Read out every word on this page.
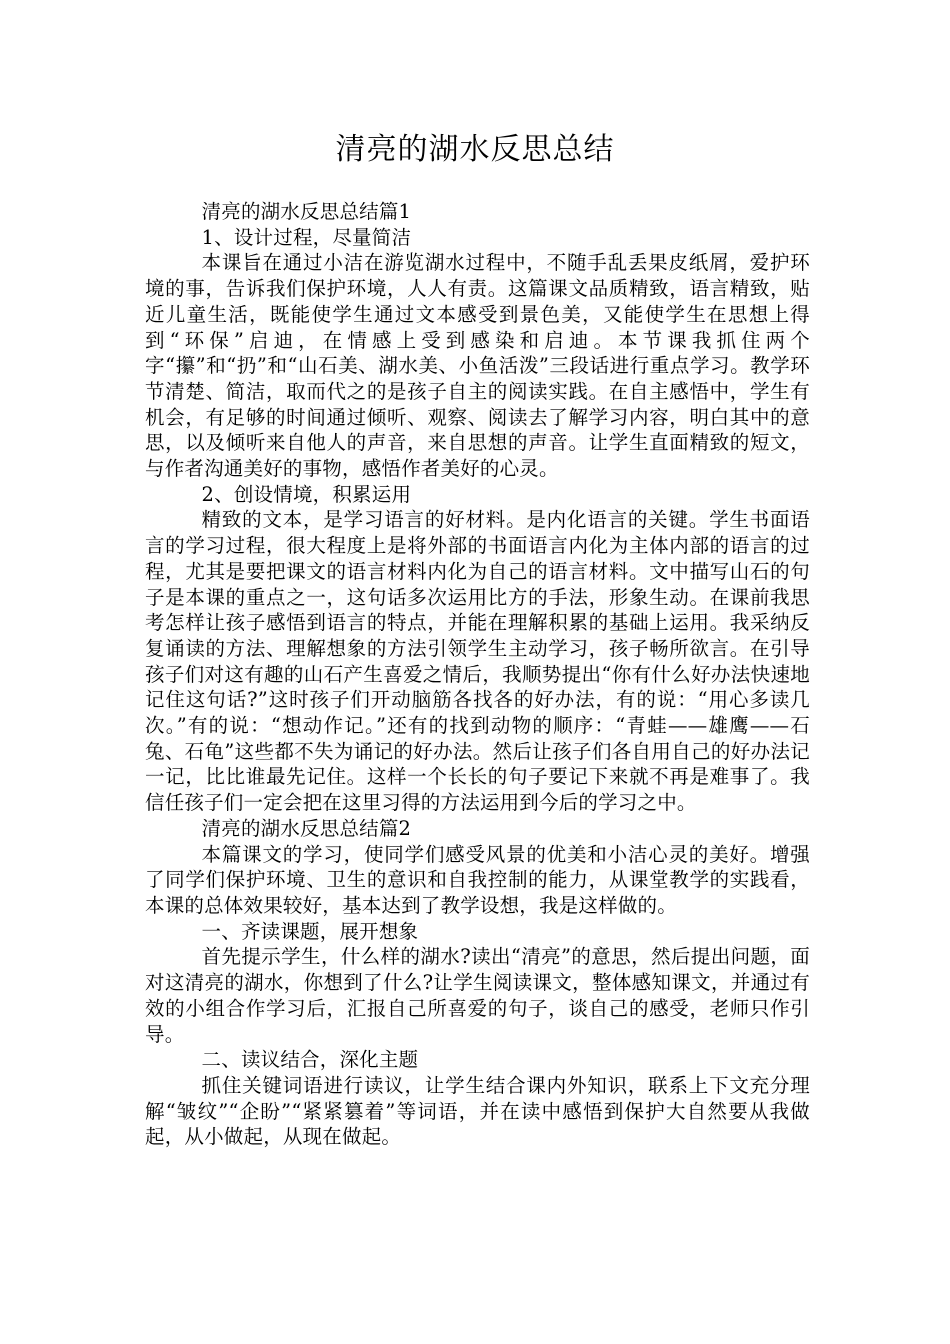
清亮的湖水反思总结

清亮的湖水反思总结篇1

1、设计过程，尽量简洁

本课旨在通过小洁在游览湖水过程中，不随手乱丢果皮纸屑，爱护环境的事，告诉我们保护环境，人人有责。这篇课文品质精致，语言精致，贴近儿童生活，既能使学生通过文本感受到景色美，又能使学生在思想上得到“环保”启迪，在情感上受到感染和启迪。本节课我抓住两个字“攥”和“扔”和“山石美、湖水美、小鱼活泼”三段话进行重点学习。教学环节清楚、简洁，取而代之的是孩子自主的阅读实践。在自主感悟中，学生有机会，有足够的时间通过倾听、观察、阅读去了解学习内容，明白其中的意思，以及倾听来自他人的声音，来自思想的声音。让学生直面精致的短文，与作者沟通美好的事物，感悟作者美好的心灵。

2、创设情境，积累运用

精致的文本，是学习语言的好材料。是内化语言的关键。学生书面语言的学习过程，很大程度上是将外部的书面语言内化为主体内部的语言的过程，尤其是要把课文的语言材料内化为自己的语言材料。文中描写山石的句子是本课的重点之一，这句话多次运用比方的手法，形象生动。在课前我思考怎样让孩子感悟到语言的特点，并能在理解积累的基础上运用。我采纳反复诵读的方法、理解想象的方法引领学生主动学习，孩子畅所欲言。在引导孩子们对这有趣的山石产生喜爱之情后，我顺势提出“你有什么好办法快速地记住这句话?”这时孩子们开动脑筋各找各的好办法，有的说：“用心多读几次。”有的说：“想动作记。”还有的找到动物的顺序：“青蛙——雄鹰——石兔、石龟”这些都不失为诵记的好办法。然后让孩子们各自用自己的好办法记一记，比比谁最先记住。这样一个长长的句子要记下来就不再是难事了。我信任孩子们一定会把在这里习得的方法运用到今后的学习之中。

清亮的湖水反思总结篇2

本篇课文的学习，使同学们感受风景的优美和小洁心灵的美好。增强了同学们保护环境、卫生的意识和自我控制的能力，从课堂教学的实践看，本课的总体效果较好，基本达到了教学设想，我是这样做的。

一、齐读课题，展开想象

首先提示学生，什么样的湖水?读出“清亮”的意思，然后提出问题，面对这清亮的湖水，你想到了什么?让学生阅读课文，整体感知课文，并通过有效的小组合作学习后，汇报自己所喜爱的句子，谈自己的感受，老师只作引导。

二、读议结合，深化主题

抓住关键词语进行读议，让学生结合课内外知识，联系上下文充分理解“皱纹”“企盼”“紧紧篡着”等词语，并在读中感悟到保护大自然要从我做起，从小做起，从现在做起。
